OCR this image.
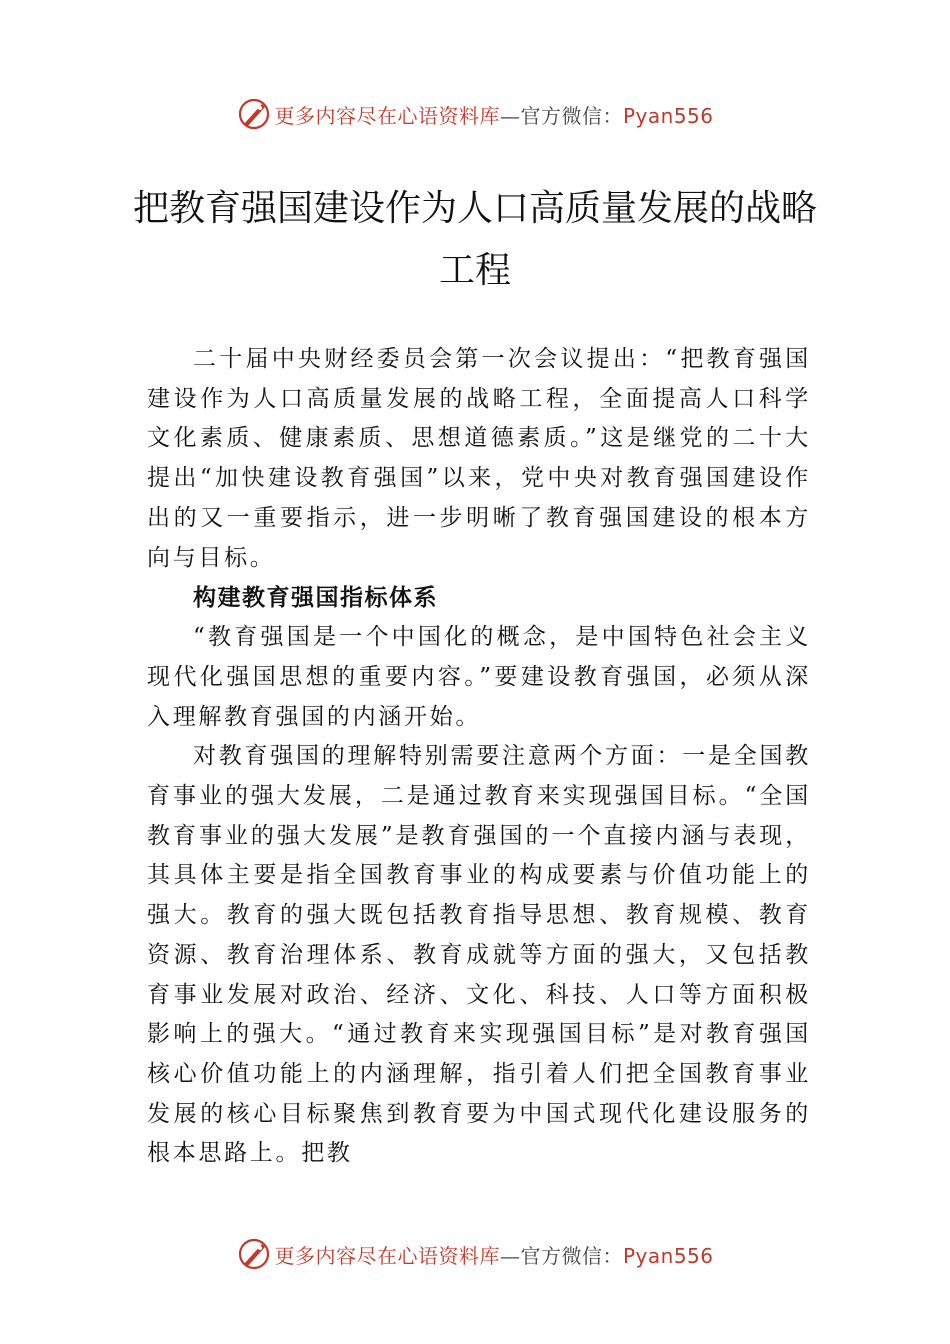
更多内容尽在心语资料库—官方微信：Pyan556
把教育强国建设作为人口高质量发展的战略工程

二十届中央财经委员会第一次会议提出：“把教育强国建设作为人口高质量发展的战略工程，全面提高人口科学文化素质、健康素质、思想道德素质。”这是继党的二十大提出“加快建设教育强国”以来，党中央对教育强国建设作出的又一重要指示，进一步明晰了教育强国建设的根本方向与目标。

构建教育强国指标体系

“教育强国是一个中国化的概念，是中国特色社会主义现代化强国思想的重要内容。”要建设教育强国，必须从深入理解教育强国的内涵开始。

对教育强国的理解特别需要注意两个方面：一是全国教育事业的强大发展，二是通过教育来实现强国目标。“全国教育事业的强大发展”是教育强国的一个直接内涵与表现，其具体主要是指全国教育事业的构成要素与价值功能上的强大。教育的强大既包括教育指导思想、教育规模、教育资源、教育治理体系、教育成就等方面的强大，又包括教育事业发展对政治、经济、文化、科技、人口等方面积极影响上的强大。“通过教育来实现强国目标”是对教育强国核心价值功能上的内涵理解，指引着人们把全国教育事业发展的核心目标聚焦到教育要为中国式现代化建设服务的根本思路上。把教

更多内容尽在心语资料库—官方微信：Pyan556
